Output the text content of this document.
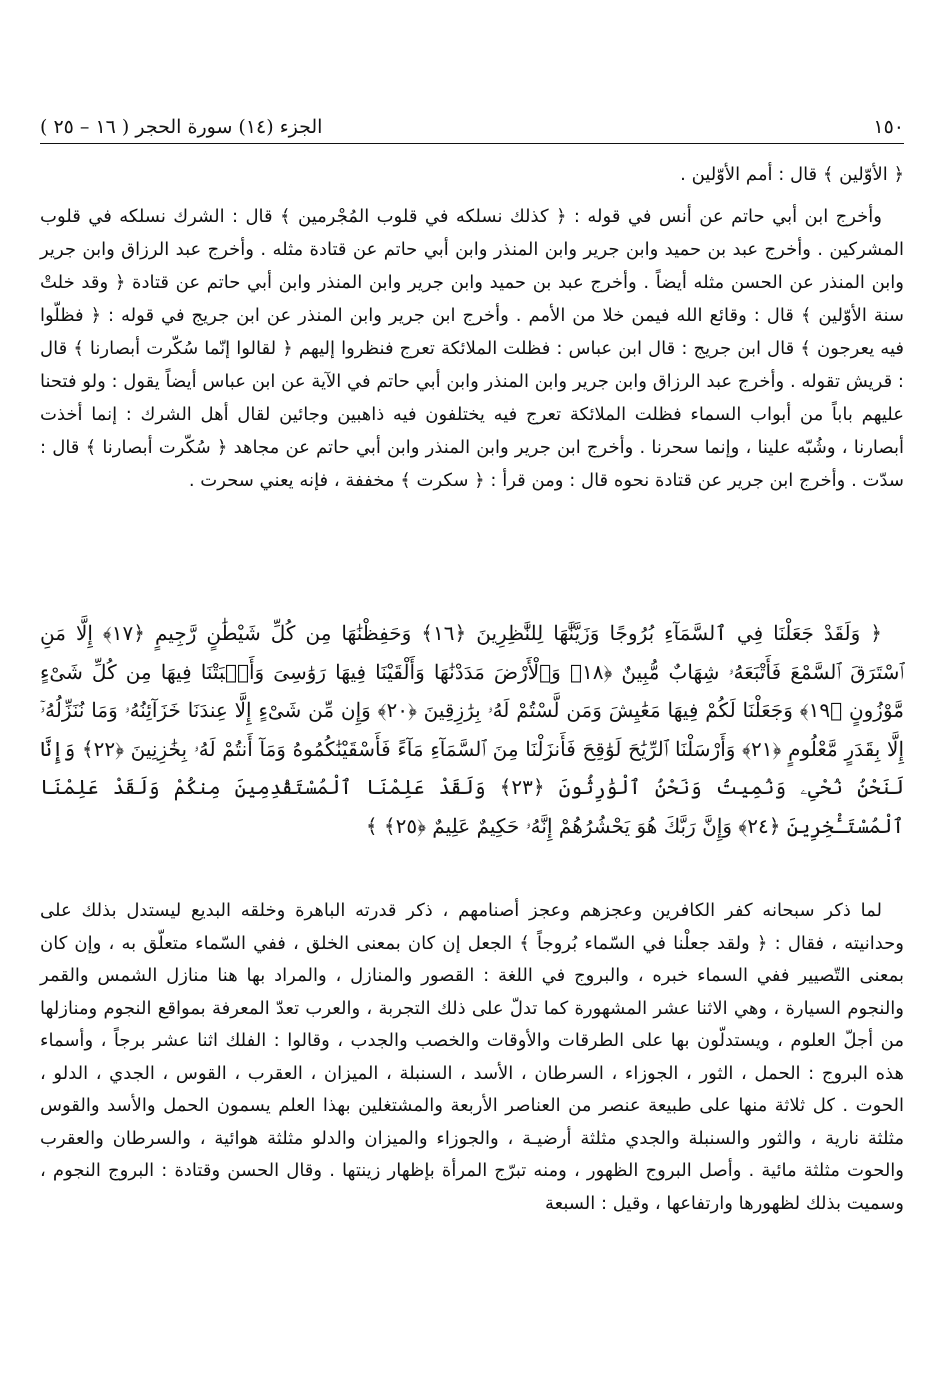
١٥٠
الجزء (١٤) سورة الحجر ( ١٦ – ٢٥ )

﴿ الأوّلين ﴾ قال : أمم الأوّلين .

وأخرج ابن أبي حاتم عن أنس في قوله : ﴿ كذلك نسلكه في قلوب المُجْرمين ﴾ قال : الشرك نسلكه في قلوب المشركين . وأخرج عبد بن حميد وابن جرير وابن المنذر وابن أبي حاتم عن قتادة مثله . وأخرج عبد الرزاق وابن جرير وابن المنذر عن الحسن مثله أيضاً . وأخرج عبد بن حميد وابن جرير وابن المنذر وابن أبي حاتم عن قتادة ﴿ وقد خلتْ سنة الأوّلين ﴾ قال : وقائع الله فيمن خلا من الأمم . وأخرج ابن جرير وابن المنذر عن ابن جريج في قوله : ﴿ فظلّوا فيه يعرجون ﴾ قال ابن جريج : قال ابن عباس : فظلت الملائكة تعرج فنظروا إليهم ﴿ لقالوا إنّما سُكّرت أبصارنا ﴾ قال : قريش تقوله . وأخرج عبد الرزاق وابن جرير وابن المنذر وابن أبي حاتم في الآية عن ابن عباس أيضاً يقول : ولو فتحنا عليهم باباً من أبواب السماء فظلت الملائكة تعرج فيه يختلفون فيه ذاهبين وجائين لقال أهل الشرك : إنما أخذت أبصارنا ، وشُبّه علينا ، وإنما سحرنا . وأخرج ابن جرير وابن المنذر وابن أبي حاتم عن مجاهد ﴿ سُكّرت أبصارنا ﴾ قال : سدّت . وأخرج ابن جرير عن قتادة نحوه قال : ومن قرأ : ﴿ سكرت ﴾ مخففة ، فإنه يعني سحرت .

﴿ وَلَقَدْ جَعَلْنَا فِي ٱلسَّمَآءِ بُرُوجًا وَزَيَّنَّٰهَا لِلنَّٰظِرِينَ ﴿١٦﴾ وَحَفِظْنَٰهَا مِن كُلِّ شَيْطَٰنٍ رَّجِيمٍ ﴿١٧﴾ إِلَّا مَنِ ٱسْتَرَقَ ٱلسَّمْعَ فَأَتْبَعَهُۥ شِهَابٌ مُّبِينٌ ﴿١٨﴾ وَٱلْأَرْضَ مَدَدْنَٰهَا وَأَلْقَيْنَا فِيهَا رَوَٰسِىَ وَأَنۢبَتْنَا فِيهَا مِن كُلِّ شَىْءٍ مَّوْزُونٍ ﴿١٩﴾ وَجَعَلْنَا لَكُمْ فِيهَا مَعَٰيِشَ وَمَن لَّسْتُمْ لَهُۥ بِرَٰزِقِينَ ﴿٢٠﴾ وَإِن مِّن شَىْءٍ إِلَّا عِندَنَا خَزَآئِنُهُۥ وَمَا نُنَزِّلُهُۥٓ إِلَّا بِقَدَرٍ مَّعْلُومٍ ﴿٢١﴾ وَأَرْسَلْنَا ٱلرِّيَٰحَ لَوَٰقِحَ فَأَنزَلْنَا مِنَ ٱلسَّمَآءِ مَآءً فَأَسْقَيْنَٰكُمُوهُ وَمَآ أَنتُمْ لَهُۥ بِخَٰزِنِينَ ﴿٢٢﴾ وَإِنَّا لَنَحْنُ نُحْىِۦ وَنُمِيتُ وَنَحْنُ ٱلْوَٰرِثُونَ ﴿٢٣﴾ وَلَقَدْ عَلِمْنَا ٱلْمُسْتَقْدِمِينَ مِنكُمْ وَلَقَدْ عَلِمْنَا ٱلْمُسْتَـْٔخِرِينَ ﴿٢٤﴾ وَإِنَّ رَبَّكَ هُوَ يَحْشُرُهُمْ إِنَّهُۥ حَكِيمٌ عَلِيمٌ ﴿٢٥﴾ ﴾

لما ذكر سبحانه كفر الكافرين وعجزهم وعجز أصنامهم ، ذكر قدرته الباهرة وخلقه البديع ليستدل بذلك على وحدانيته ، فقال : ﴿ ولقد جعلْنا في السّماء بُروجاً ﴾ الجعل إن كان بمعنى الخلق ، ففي السّماء متعلّق به ، وإن كان بمعنى التّصيير ففي السماء خبره ، والبروج في اللغة : القصور والمنازل ، والمراد بها هنا منازل الشمس والقمر والنجوم السيارة ، وهي الاثنا عشر المشهورة كما تدلّ على ذلك التجربة ، والعرب تعدّ المعرفة بمواقع النجوم ومنازلها من أجلّ العلوم ، ويستدلّون بها على الطرقات والأوقات والخصب والجدب ، وقالوا : الفلك اثنا عشر برجاً ، وأسماء هذه البروج : الحمل ، الثور ، الجوزاء ، السرطان ، الأسد ، السنبلة ، الميزان ، العقرب ، القوس ، الجدي ، الدلو ، الحوت . كل ثلاثة منها على طبيعة عنصر من العناصر الأربعة والمشتغلين بهذا العلم يسمون الحمل والأسد والقوس مثلثة نارية ، والثور والسنبلة والجدي مثلثة أرضيـة ، والجوزاء والميزان والدلو مثلثة هوائية ، والسرطان والعقرب والحوت مثلثة مائية . وأصل البروج الظهور ، ومنه تبرّج المرأة بإظهار زينتها . وقال الحسن وقتادة : البروج النجوم ، وسميت بذلك لظهورها وارتفاعها ، وقيل : السبعة
